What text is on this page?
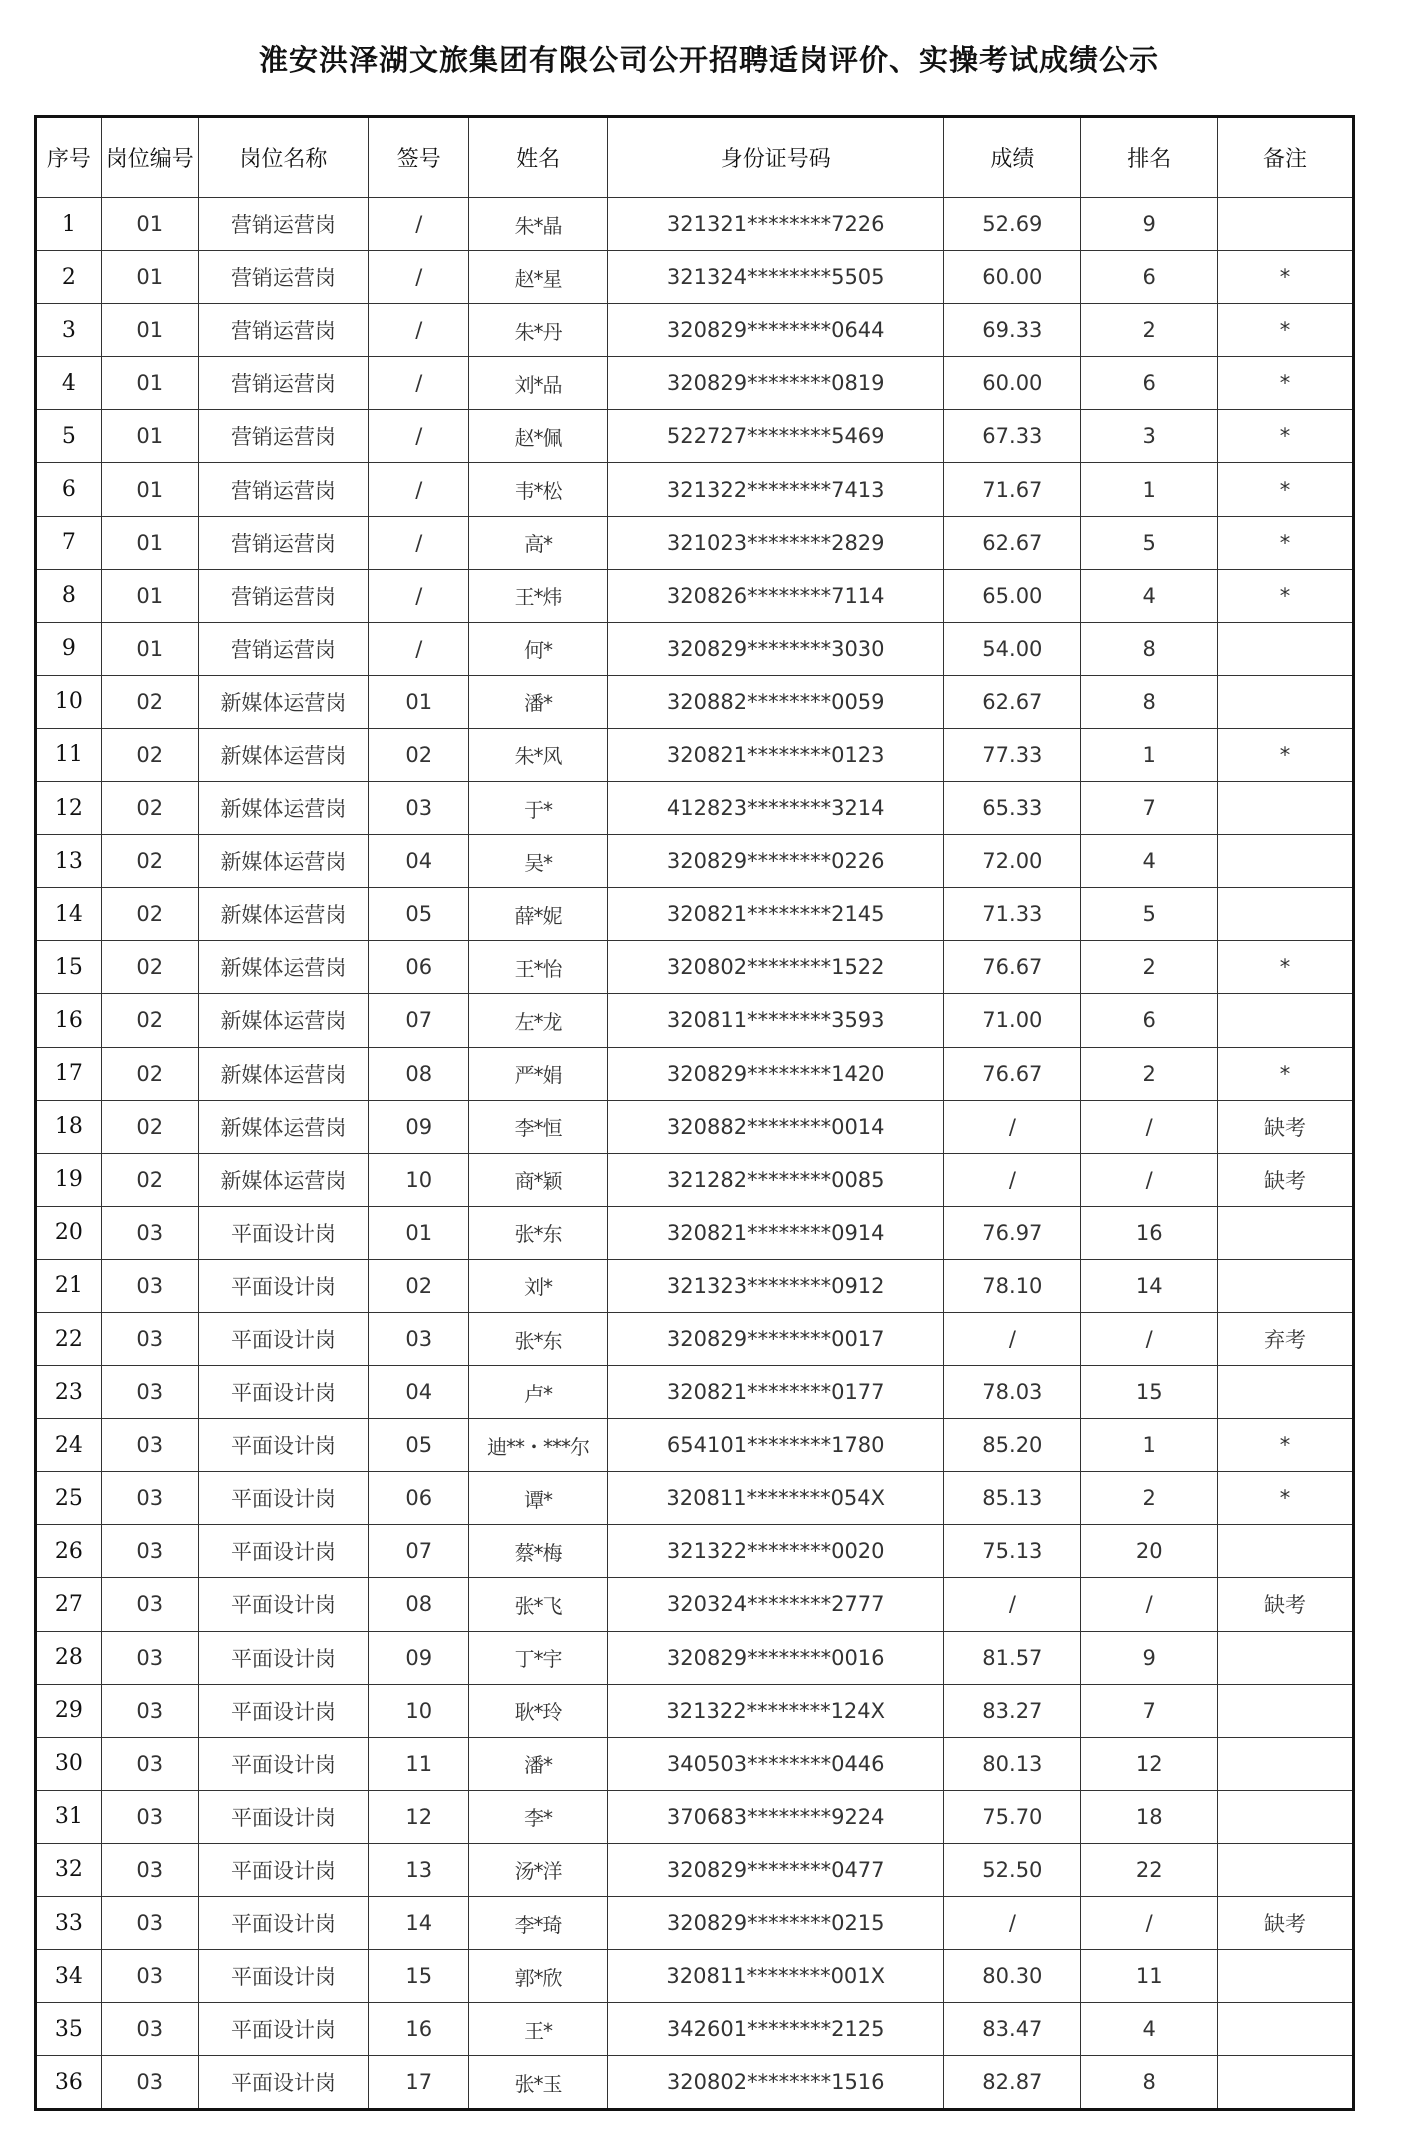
淮安洪泽湖文旅集团有限公司公开招聘适岗评价、实操考试成绩公示
序号	岗位编号	岗位名称	签号	姓名	身份证号码	成绩	排名	备注
1	01	营销运营岗	/	朱*晶	321321********7226	52.69	9	
2	01	营销运营岗	/	赵*星	321324********5505	60.00	6	*
3	01	营销运营岗	/	朱*丹	320829********0644	69.33	2	*
4	01	营销运营岗	/	刘*品	320829********0819	60.00	6	*
5	01	营销运营岗	/	赵*佩	522727********5469	67.33	3	*
6	01	营销运营岗	/	韦*松	321322********7413	71.67	1	*
7	01	营销运营岗	/	高*	321023********2829	62.67	5	*
8	01	营销运营岗	/	王*炜	320826********7114	65.00	4	*
9	01	营销运营岗	/	何*	320829********3030	54.00	8	
10	02	新媒体运营岗	01	潘*	320882********0059	62.67	8	
11	02	新媒体运营岗	02	朱*风	320821********0123	77.33	1	*
12	02	新媒体运营岗	03	于*	412823********3214	65.33	7	
13	02	新媒体运营岗	04	吴*	320829********0226	72.00	4	
14	02	新媒体运营岗	05	薛*妮	320821********2145	71.33	5	
15	02	新媒体运营岗	06	王*怡	320802********1522	76.67	2	*
16	02	新媒体运营岗	07	左*龙	320811********3593	71.00	6	
17	02	新媒体运营岗	08	严*娟	320829********1420	76.67	2	*
18	02	新媒体运营岗	09	李*恒	320882********0014	/	/	缺考
19	02	新媒体运营岗	10	商*颖	321282********0085	/	/	缺考
20	03	平面设计岗	01	张*东	320821********0914	76.97	16	
21	03	平面设计岗	02	刘*	321323********0912	78.10	14	
22	03	平面设计岗	03	张*东	320829********0017	/	/	弃考
23	03	平面设计岗	04	卢*	320821********0177	78.03	15	
24	03	平面设计岗	05	迪**・***尔	654101********1780	85.20	1	*
25	03	平面设计岗	06	谭*	320811********054X	85.13	2	*
26	03	平面设计岗	07	蔡*梅	321322********0020	75.13	20	
27	03	平面设计岗	08	张*飞	320324********2777	/	/	缺考
28	03	平面设计岗	09	丁*宇	320829********0016	81.57	9	
29	03	平面设计岗	10	耿*玲	321322********124X	83.27	7	
30	03	平面设计岗	11	潘*	340503********0446	80.13	12	
31	03	平面设计岗	12	李*	370683********9224	75.70	18	
32	03	平面设计岗	13	汤*洋	320829********0477	52.50	22	
33	03	平面设计岗	14	李*琦	320829********0215	/	/	缺考
34	03	平面设计岗	15	郭*欣	320811********001X	80.30	11	
35	03	平面设计岗	16	王*	342601********2125	83.47	4	
36	03	平面设计岗	17	张*玉	320802********1516	82.87	8	
